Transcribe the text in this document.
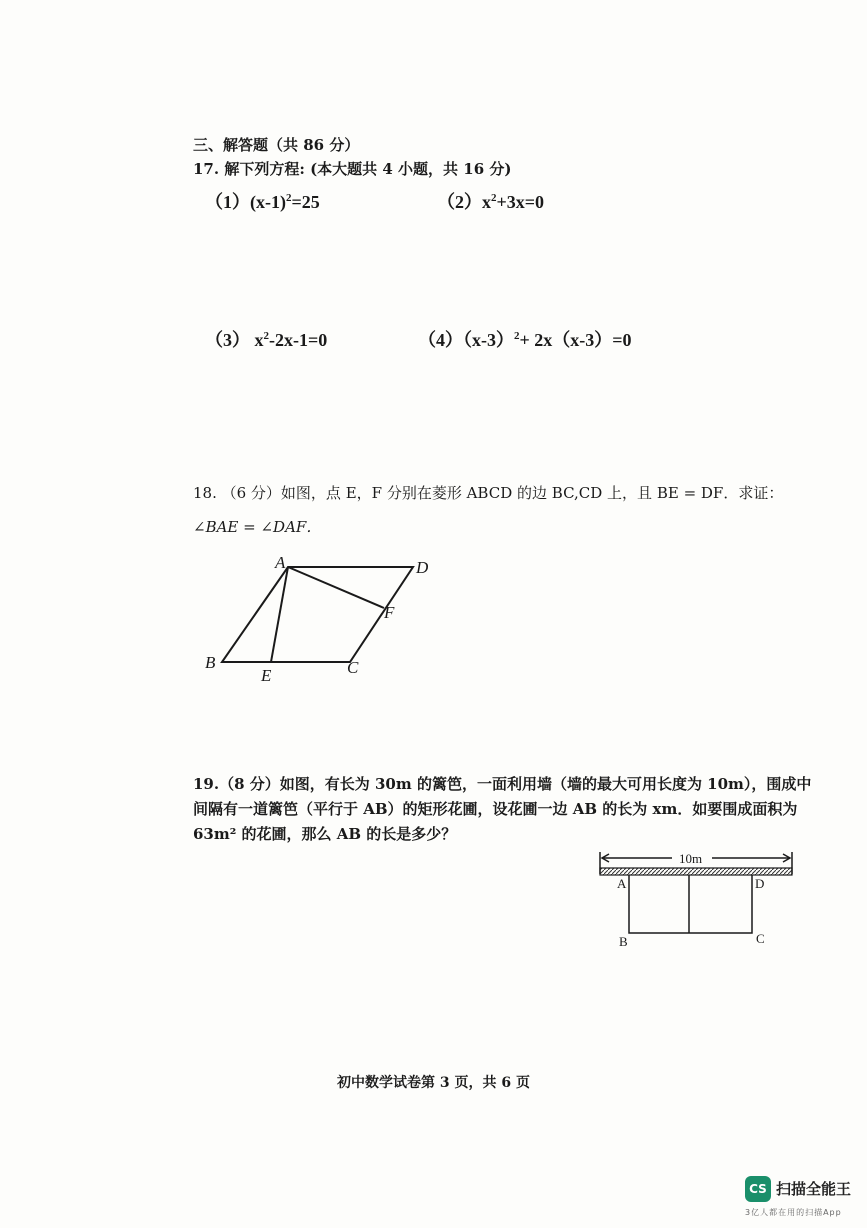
三、解答题（共 86 分）
17. 解下列方程: (本大题共 4 小题，共 16 分)
$(1)(x-1)^2=25$	$(2)x^2+3x=0$
（3） $x^2-2x-1=0$	$(4)(x-3)^2+ 2x(x-3)=0$
18. （6 分）如图，点 E，F 分别在菱形 ABCD 的边 BC,CD 上，且 BE = DF．求证：
∠BAE = ∠DAF．
A	D
F
B
E	C
19.（8 分）如图，有长为 30m 的篱笆，一面利用墙（墙的最大可用长度为 10m），围成中间隔有一道篱笆（平行于 AB）的矩形花圃，设花圃一边 AB 的长为 xm．如要围成面积为 63m² 的花圃，那么 AB 的长是多少？
10m
A	D
B	C
初中数学试卷第 3 页，共 6 页
CS 扫描全能王
3亿人都在用的扫描App
